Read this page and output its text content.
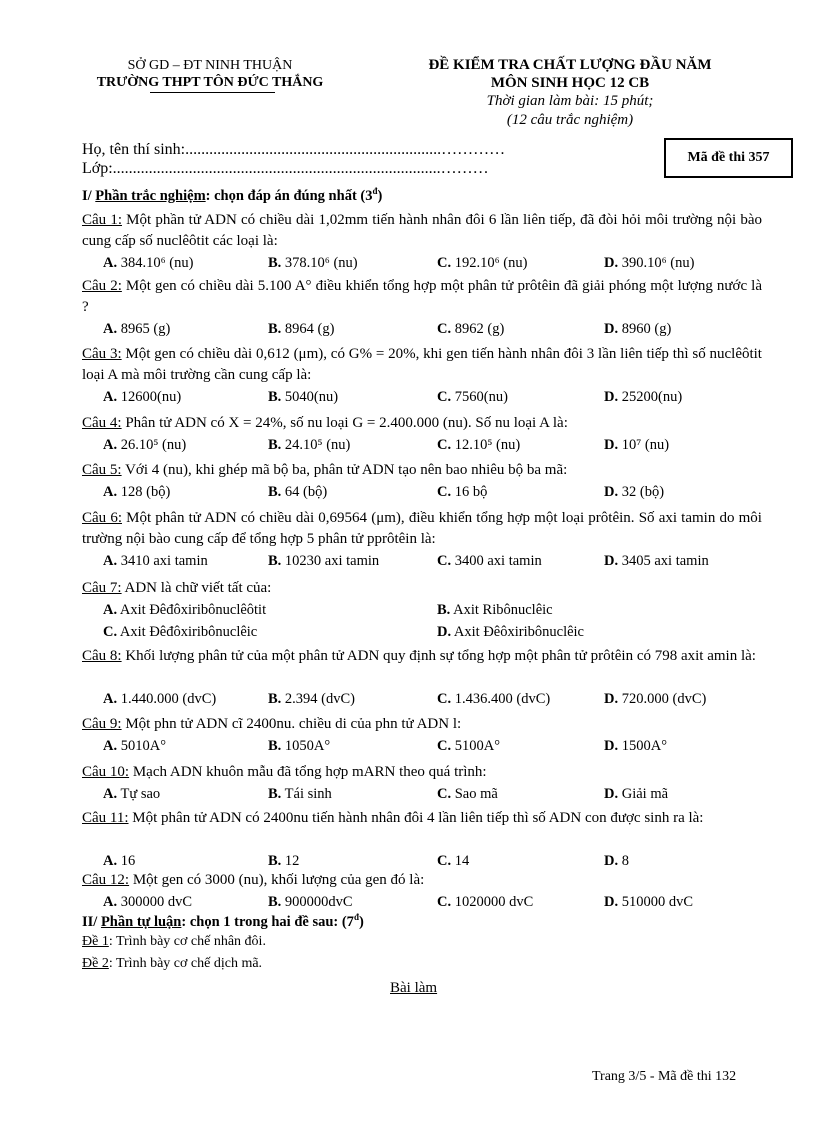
SỞ GD – ĐT NINH THUẬN
TRƯỜNG THPT TÔN ĐỨC THẮNG
ĐỀ KIỂM TRA CHẤT LƯỢNG ĐẦU NĂM
MÔN SINH HỌC 12 CB
Thời gian làm bài: 15 phút;
(12 câu trắc nghiệm)
Họ, tên thí sinh:................................................................…………
Lớp:..................................................................................………
Mã đề thi 357
I/ Phần trắc nghiệm: chọn đáp án đúng nhất $(3^đ)$
Câu 1: Một phần tử ADN có chiều dài 1,02mm tiến hành nhân đôi 6 lần liên tiếp, đã đòi hỏi môi trường nội bào cung cấp số nuclêôtit các loại là:
A. 384.10⁶ (nu)	B. 378.10⁶ (nu)	C. 192.10⁶ (nu)	D. 390.10⁶ (nu)
Câu 2: Một gen có chiều dài 5.100 A° điều khiển tổng hợp một phân tử prôtêin đã giải phóng một lượng nước là ?
A. 8965 (g)	B. 8964 (g)	C. 8962 (g)	D. 8960 (g)
Câu 3: Một gen có chiều dài 0,612 (μm), có G% = 20%, khi gen tiến hành nhân đôi 3 lần liên tiếp thì số nuclêôtit loại A mà môi trường cần cung cấp là:
A. 12600(nu)	B. 5040(nu)	C. 7560(nu)	D. 25200(nu)
Câu 4: Phân tử ADN có X = 24%, số nu loại G = 2.400.000 (nu). Số nu loại A là:
A. 26.10⁵ (nu)	B. 24.10⁵ (nu)	C. 12.10⁵ (nu)	D. 10⁷ (nu)
Câu 5: Với 4 (nu), khi ghép mã bộ ba, phân tử ADN tạo nên bao nhiêu bộ ba mã:
A. 128 (bộ)	B. 64 (bộ)	C. 16 bộ	D. 32 (bộ)
Câu 6: Một phân tử ADN có chiều dài 0,69564 (μm), điều khiển tổng hợp một loại prôtêin. Số axi tamin do môi trường nội bào cung cấp để tổng hợp 5 phân tử pprôtêin là:
A. 3410 axi tamin	B. 10230 axi tamin	C. 3400 axi tamin	D. 3405 axi tamin
Câu 7: ADN là chữ viết tất của:
A. Axit Đêđôxiribônuclêôtit	B. Axit Ribônuclêic
C. Axit Đêđôxiribônuclêic	D. Axit Đêôxiribônuclêic
Câu 8: Khối lượng phân tử của một phân tử ADN quy định sự tổng hợp một phân tử prôtêin có 798 axit amin là:
A. 1.440.000 (dvC)	B. 2.394 (dvC)	C. 1.436.400 (dvC)	D. 720.000 (dvC)
Câu 9: Một phn tử ADN cĩ 2400nu. chiều di của phn tử ADN l:
A. 5010A°	B. 1050A°	C. 5100A°	D. 1500A°
Câu 10: Mạch ADN khuôn mẫu đã tổng hợp mARN theo quá trình:
A. Tự sao	B. Tái sinh	C. Sao mã	D. Giải mã
Câu 11: Một phân tử ADN có 2400nu tiến hành nhân đôi 4 lần liên tiếp thì số ADN con được sinh ra là:
A. 16	B. 12	C. 14	D. 8
Câu 12: Một gen có 3000 (nu), khối lượng của gen đó là:
A. 300000 dvC	B. 900000dvC	C. 1020000 dvC	D. 510000 dvC
II/ Phần tự luận: chọn 1 trong hai đề sau: $(7^đ)$
Đề 1: Trình bày cơ chế nhân đôi.
Đề 2: Trình bày cơ chế dịch mã.
Bài làm
Trang 3/5 - Mã đề thi 132
